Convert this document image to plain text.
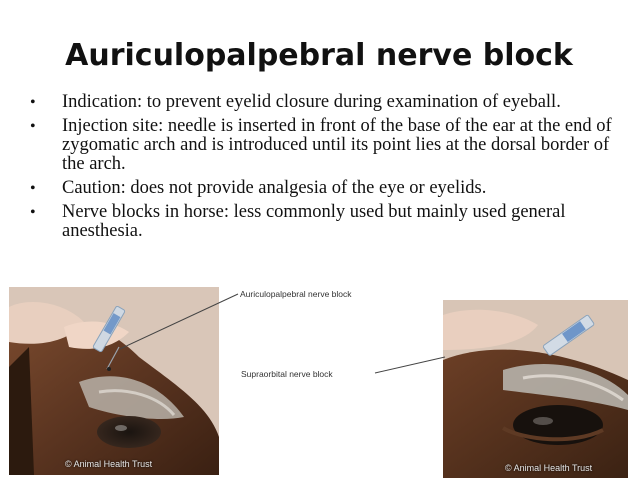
Auriculopalpebral nerve block
• Indication: to prevent eyelid closure during examination of eyeball.
• Injection site: needle is inserted in front of the base of the ear at the end of zygomatic arch and is introduced until its point lies at the dorsal border of the arch.
• Caution: does not provide analgesia of the eye or eyelids.
• Nerve blocks in horse: less commonly used but mainly used general anesthesia.
© Animal Health Trust	© Animal Health Trust
Auriculopalpebral nerve block
Supraorbital nerve block
